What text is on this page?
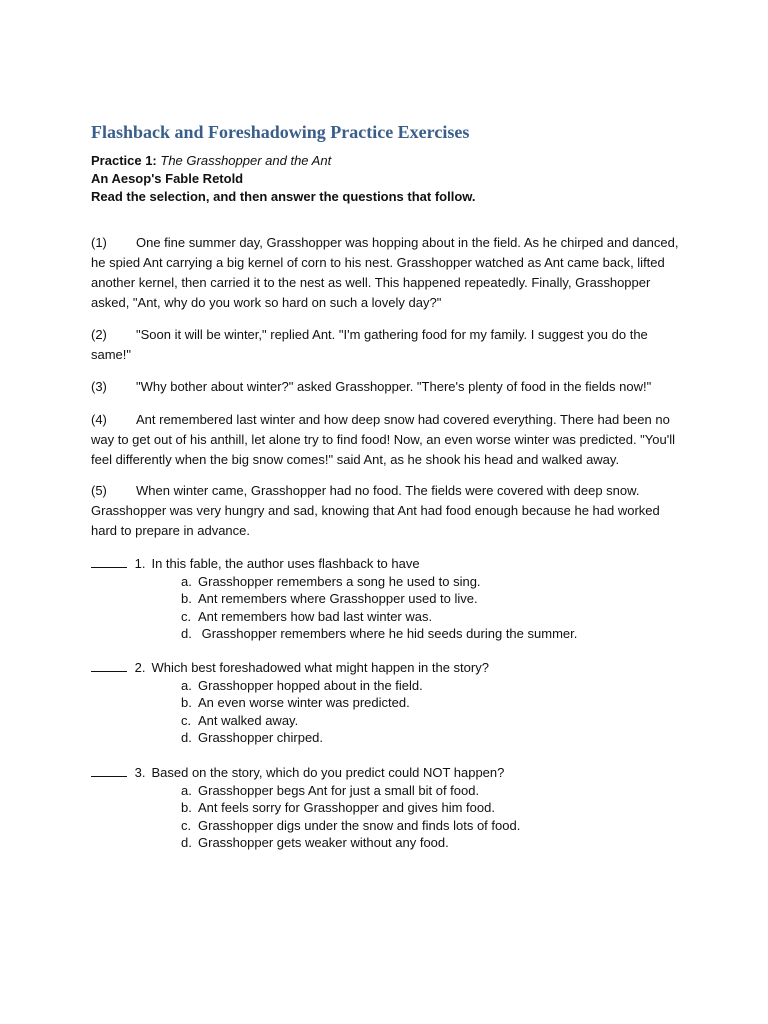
Flashback and Foreshadowing Practice Exercises
Practice 1: The Grasshopper and the Ant
An Aesop's Fable Retold
Read the selection, and then answer the questions that follow.
(1) One fine summer day, Grasshopper was hopping about in the field. As he chirped and danced, he spied Ant carrying a big kernel of corn to his nest. Grasshopper watched as Ant came back, lifted another kernel, then carried it to the nest as well. This happened repeatedly. Finally, Grasshopper asked, "Ant, why do you work so hard on such a lovely day?"
(2) "Soon it will be winter," replied Ant. "I'm gathering food for my family. I suggest you do the same!"
(3) "Why bother about winter?" asked Grasshopper. "There's plenty of food in the fields now!"
(4) Ant remembered last winter and how deep snow had covered everything. There had been no way to get out of his anthill, let alone try to find food! Now, an even worse winter was predicted. "You'll feel differently when the big snow comes!" said Ant, as he shook his head and walked away.
(5) When winter came, Grasshopper had no food. The fields were covered with deep snow. Grasshopper was very hungry and sad, knowing that Ant had food enough because he had worked hard to prepare in advance.
1. In this fable, the author uses flashback to have
a. Grasshopper remembers a song he used to sing.
b. Ant remembers where Grasshopper used to live.
c. Ant remembers how bad last winter was.
d. Grasshopper remembers where he hid seeds during the summer.
2. Which best foreshadowed what might happen in the story?
a. Grasshopper hopped about in the field.
b. An even worse winter was predicted.
c. Ant walked away.
d. Grasshopper chirped.
3. Based on the story, which do you predict could NOT happen?
a. Grasshopper begs Ant for just a small bit of food.
b. Ant feels sorry for Grasshopper and gives him food.
c. Grasshopper digs under the snow and finds lots of food.
d. Grasshopper gets weaker without any food.
